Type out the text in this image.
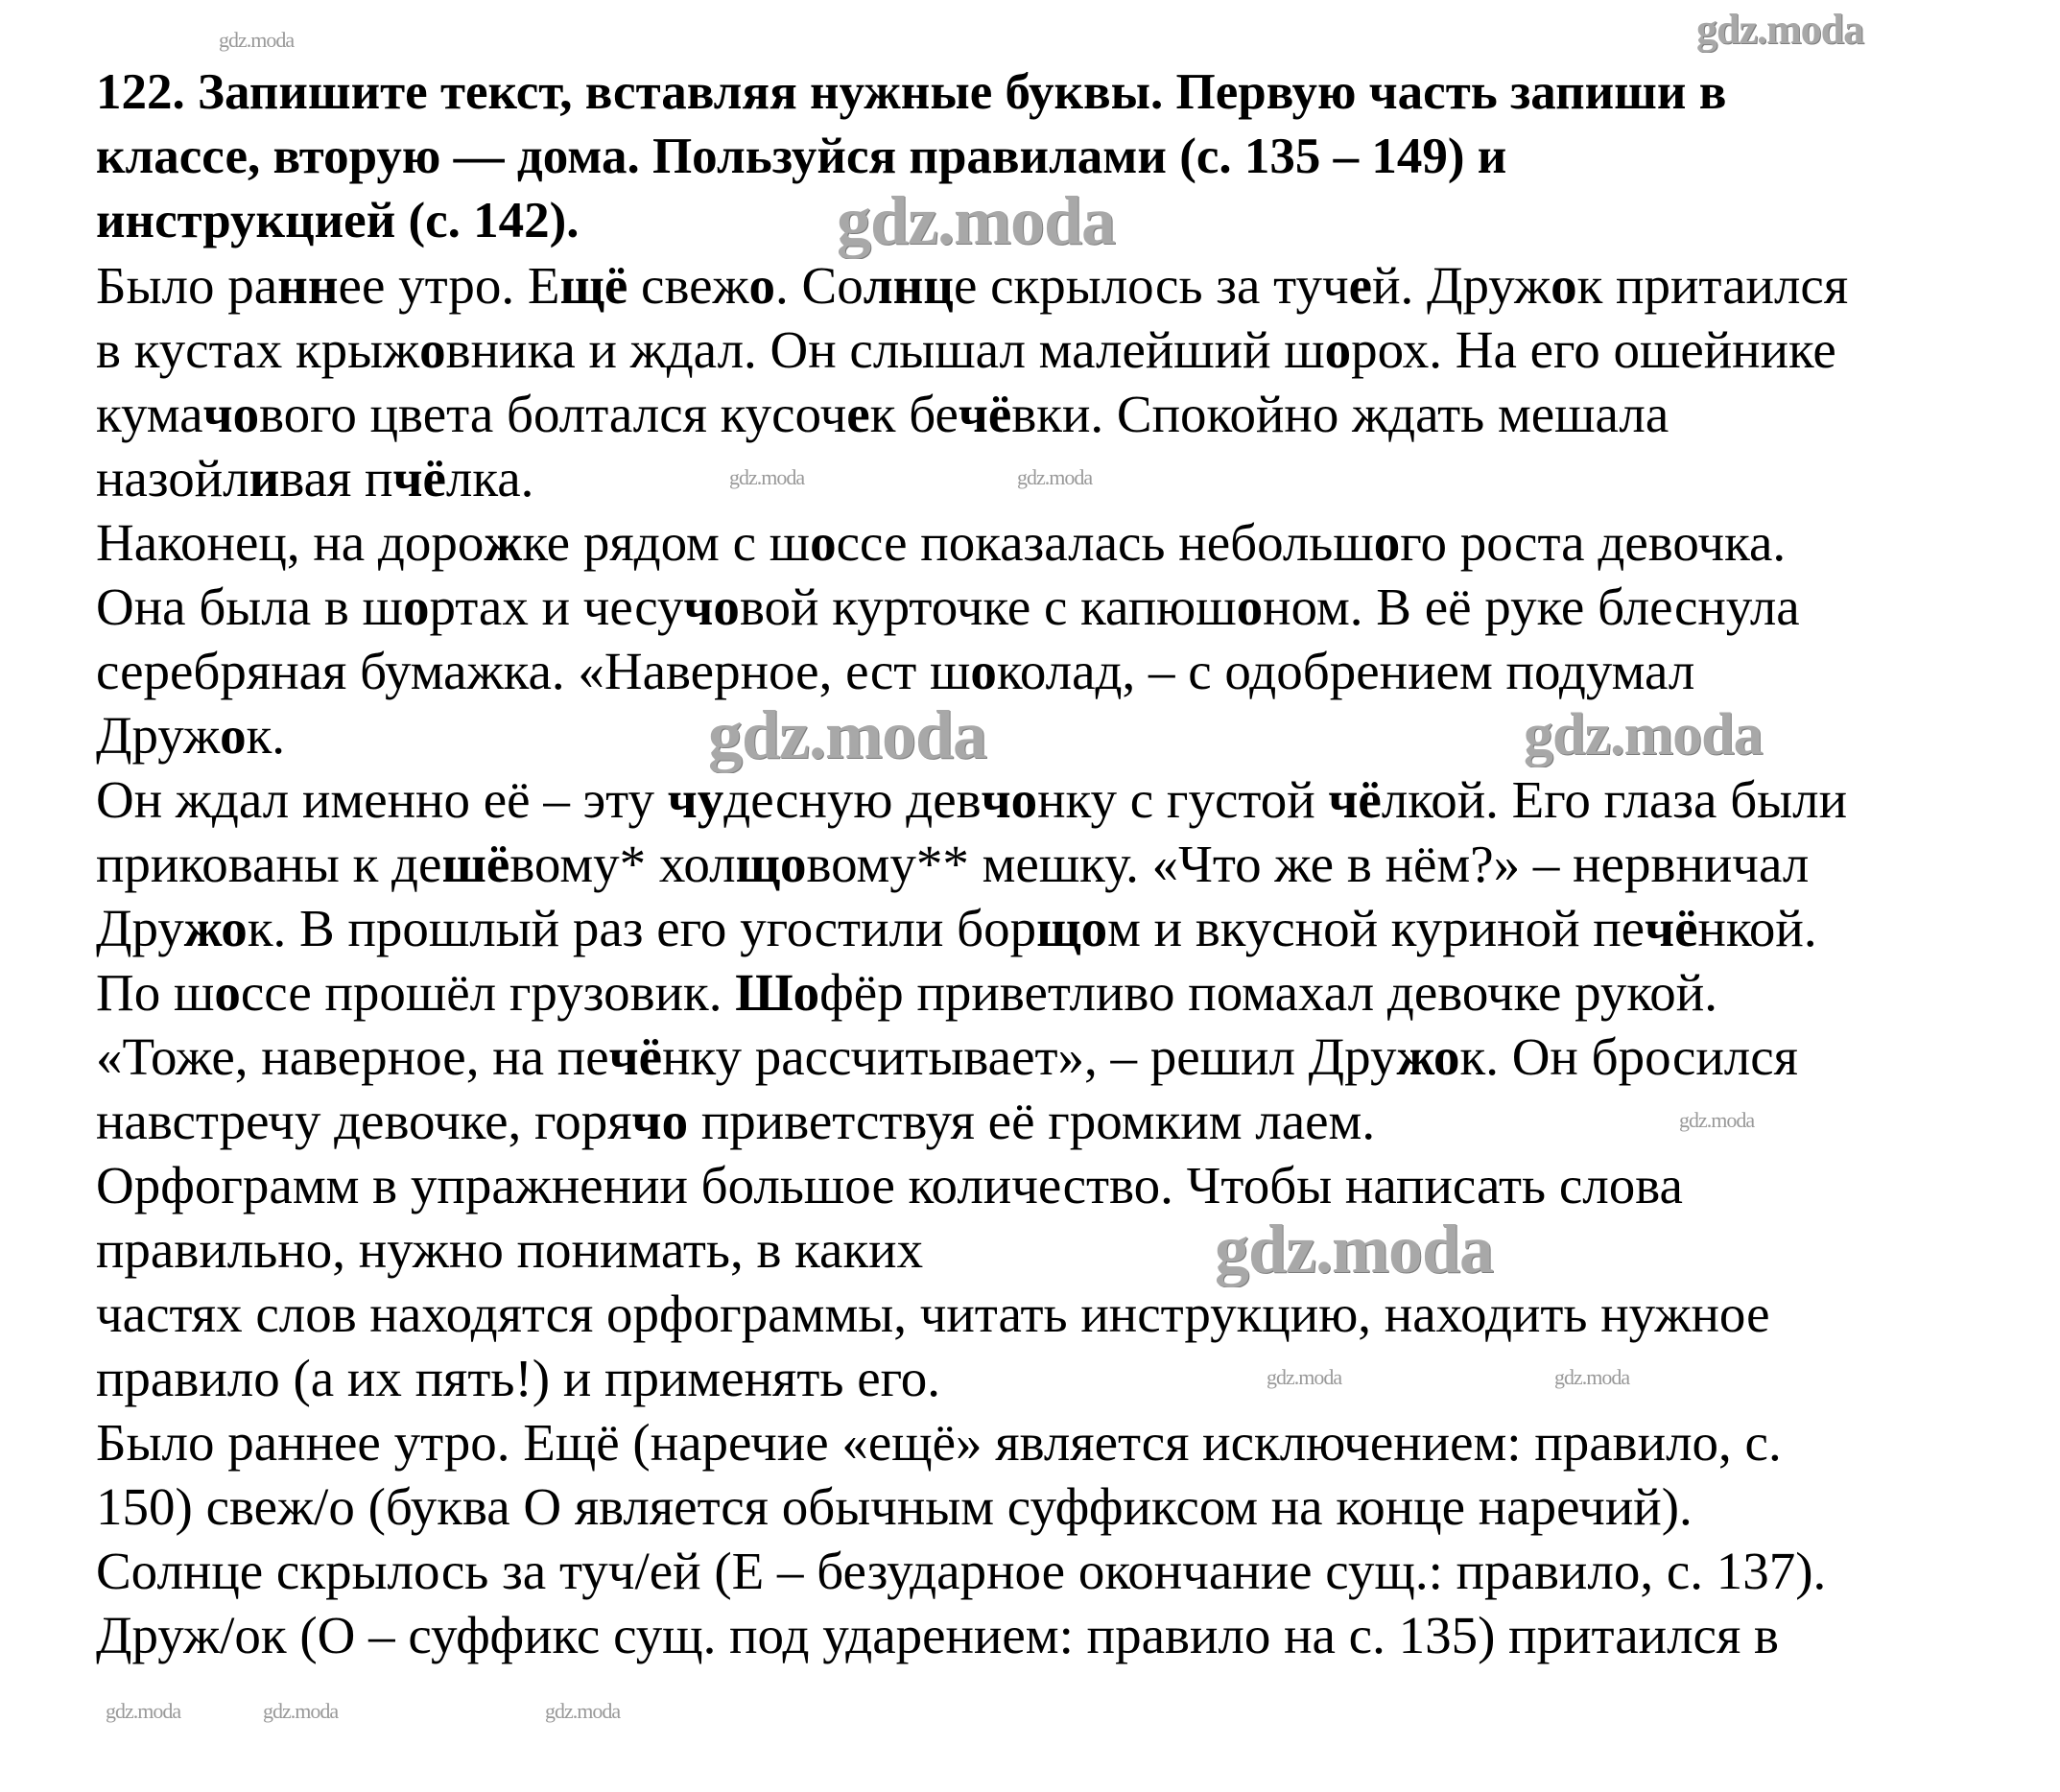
122. Запишите текст, вставляя нужные буквы. Первую часть запиши в
классе, вторую — дома. Пользуйся правилами (с. 135 – 149) и
инструкцией (с. 142).
Было раннее утро. Ещё свежо. Солнце скрылось за тучей. Дружок притаился
в кустах крыжовника и ждал. Он слышал малейший шорох. На его ошейнике
кумачового цвета болтался кусочек бечёвки. Спокойно ждать мешала
назойливая пчёлка.
Наконец, на дорожке рядом с шоссе показалась небольшого роста девочка.
Она была в шортах и чесучовой курточке с капюшоном. В её руке блеснула
серебряная бумажка. «Наверное, ест шоколад, – с одобрением подумал
Дружок.
Он ждал именно её – эту чудесную девчонку с густой чёлкой. Его глаза были
прикованы к дешёвому* холщовому** мешку. «Что же в нём?» – нервничал
Дружок. В прошлый раз его угостили борщом и вкусной куриной печёнкой.
По шоссе прошёл грузовик. Шофёр приветливо помахал девочке рукой.
«Тоже, наверное, на печёнку рассчитывает», – решил Дружок. Он бросился
навстречу девочке, горячо приветствуя её громким лаем.
Орфограмм в упражнении большое количество. Чтобы написать слова
правильно, нужно понимать, в каких
частях слов находятся орфограммы, читать инструкцию, находить нужное
правило (а их пять!) и применять его.
Было раннее утро. Ещё (наречие «ещё» является исключением: правило, с.
150) свеж/о (буква О является обычным суффиксом на конце наречий).
Солнце скрылось за туч/ей (Е – безударное окончание сущ.: правило, с. 137).
Друж/ок (О – суффикс сущ. под ударением: правило на с. 135) притаился в
gdz.moda
gdz.moda
gdz.moda	gdz.moda
gdz.moda
gdz.moda
gdz.moda	gdz.moda
gdz.moda
gdz.moda	gdz.moda
gdz.moda	gdz.moda	gdz.moda
